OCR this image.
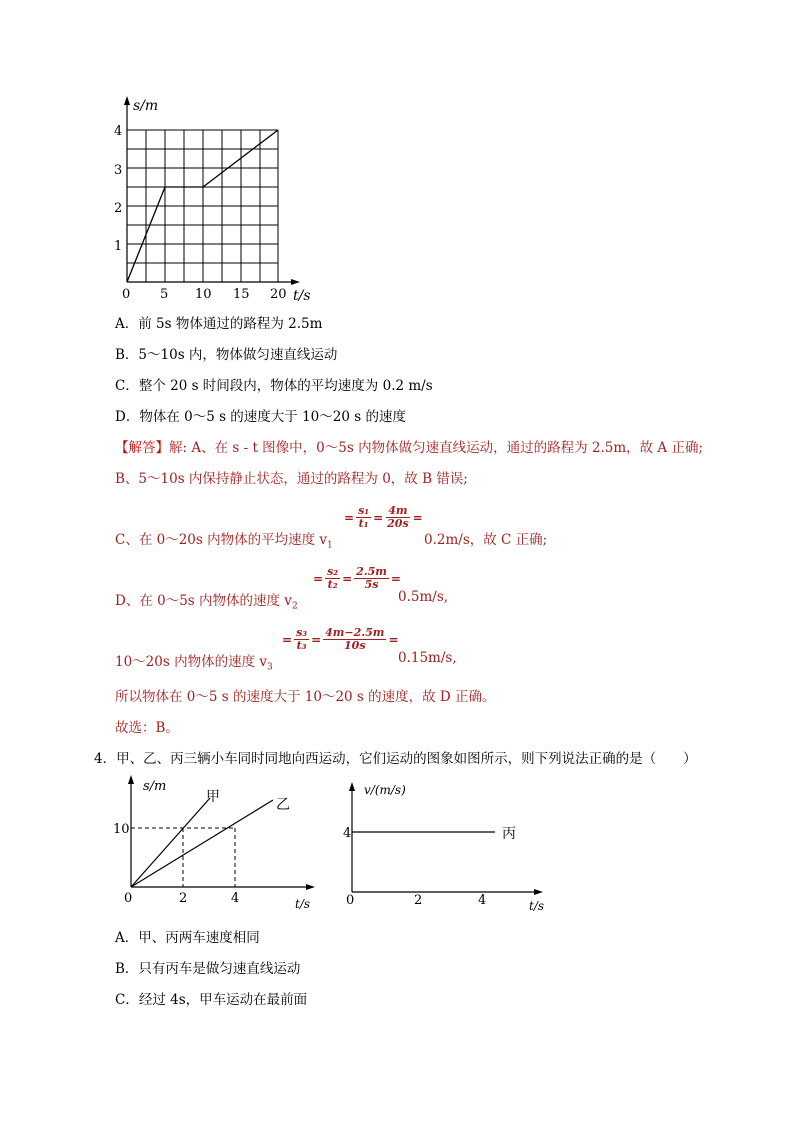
s/m
4
3
2
1
0 5 10 15 20 t/s
A．前 5s 物体通过的路程为 2.5m
B．5～10s 内，物体做匀速直线运动
C．整个 20 s 时间段内，物体的平均速度为 0.2 m/s
D．物体在 0～5 s 的速度大于 10～20 s 的速度
【解答】解: A、在 s - t 图像中，0～5s 内物体做匀速直线运动，通过的路程为 2.5m，故 A 正确;
B、5～10s 内保持静止状态，通过的路程为 0，故 B 错误;
C、在 0～20s 内物体的平均速度 $v_1$
= $\frac{\text{s₁}}{\text{t₁}} = \frac{4m}{20s}$ =
0.2m/s，故 C 正确;
D、在 0～5s 内物体的速度 $v_2$
= $\frac{\text{s₂}}{\text{t₂}} = \frac{2.5m}{5s}$ =
0.5m/s,
10～20s 内物体的速度 $v_3$
= $\frac{\text{s₃}}{\text{t₃}} = \frac{4m-2.5m}{10s}$ =
0.15m/s,
所以物体在 0～5 s 的速度大于 10～20 s 的速度，故 D 正确。
故选：B。
4．甲、乙、丙三辆小车同时同地向西运动，它们运动的图象如图所示，则下列说法正确的是（　　）
s/m
甲	乙
10
0	2	4	t/s
v/(m/s)
4	丙
0	2	4	t/s
A．甲、丙两车速度相同
B．只有丙车是做匀速直线运动
C．经过 4s，甲车运动在最前面
